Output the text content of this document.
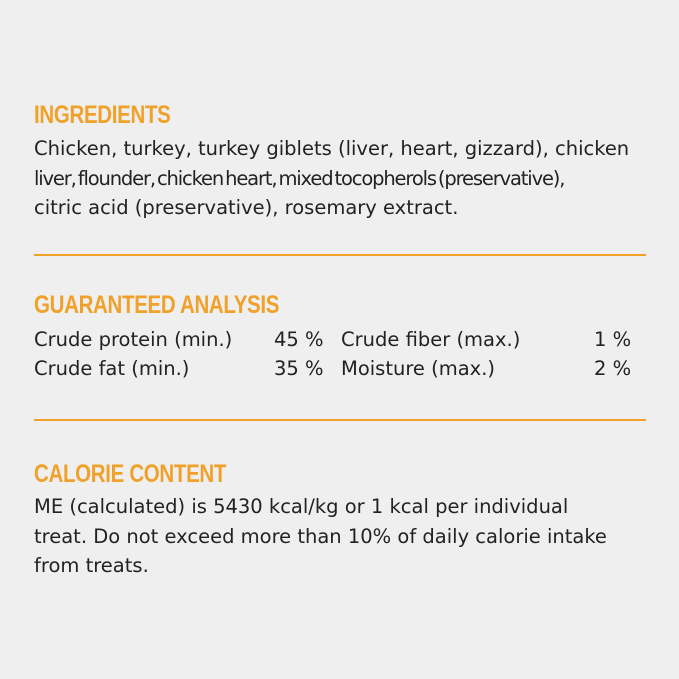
INGREDIENTS

Chicken, turkey, turkey giblets (liver, heart, gizzard), chicken
liver, flounder, chicken heart, mixed tocopherols (preservative),
citric acid (preservative), rosemary extract.

GUARANTEED ANALYSIS
Crude protein (min.) 45 % Crude fiber (max.)	1 %
Crude fat (min.)	35 % Moisture (max.)	2 %
CALORIE CONTENT

ME (calculated) is 5430 kcal/kg or 1 kcal per individual
treat. Do not exceed more than 10% of daily calorie intake
from treats.
